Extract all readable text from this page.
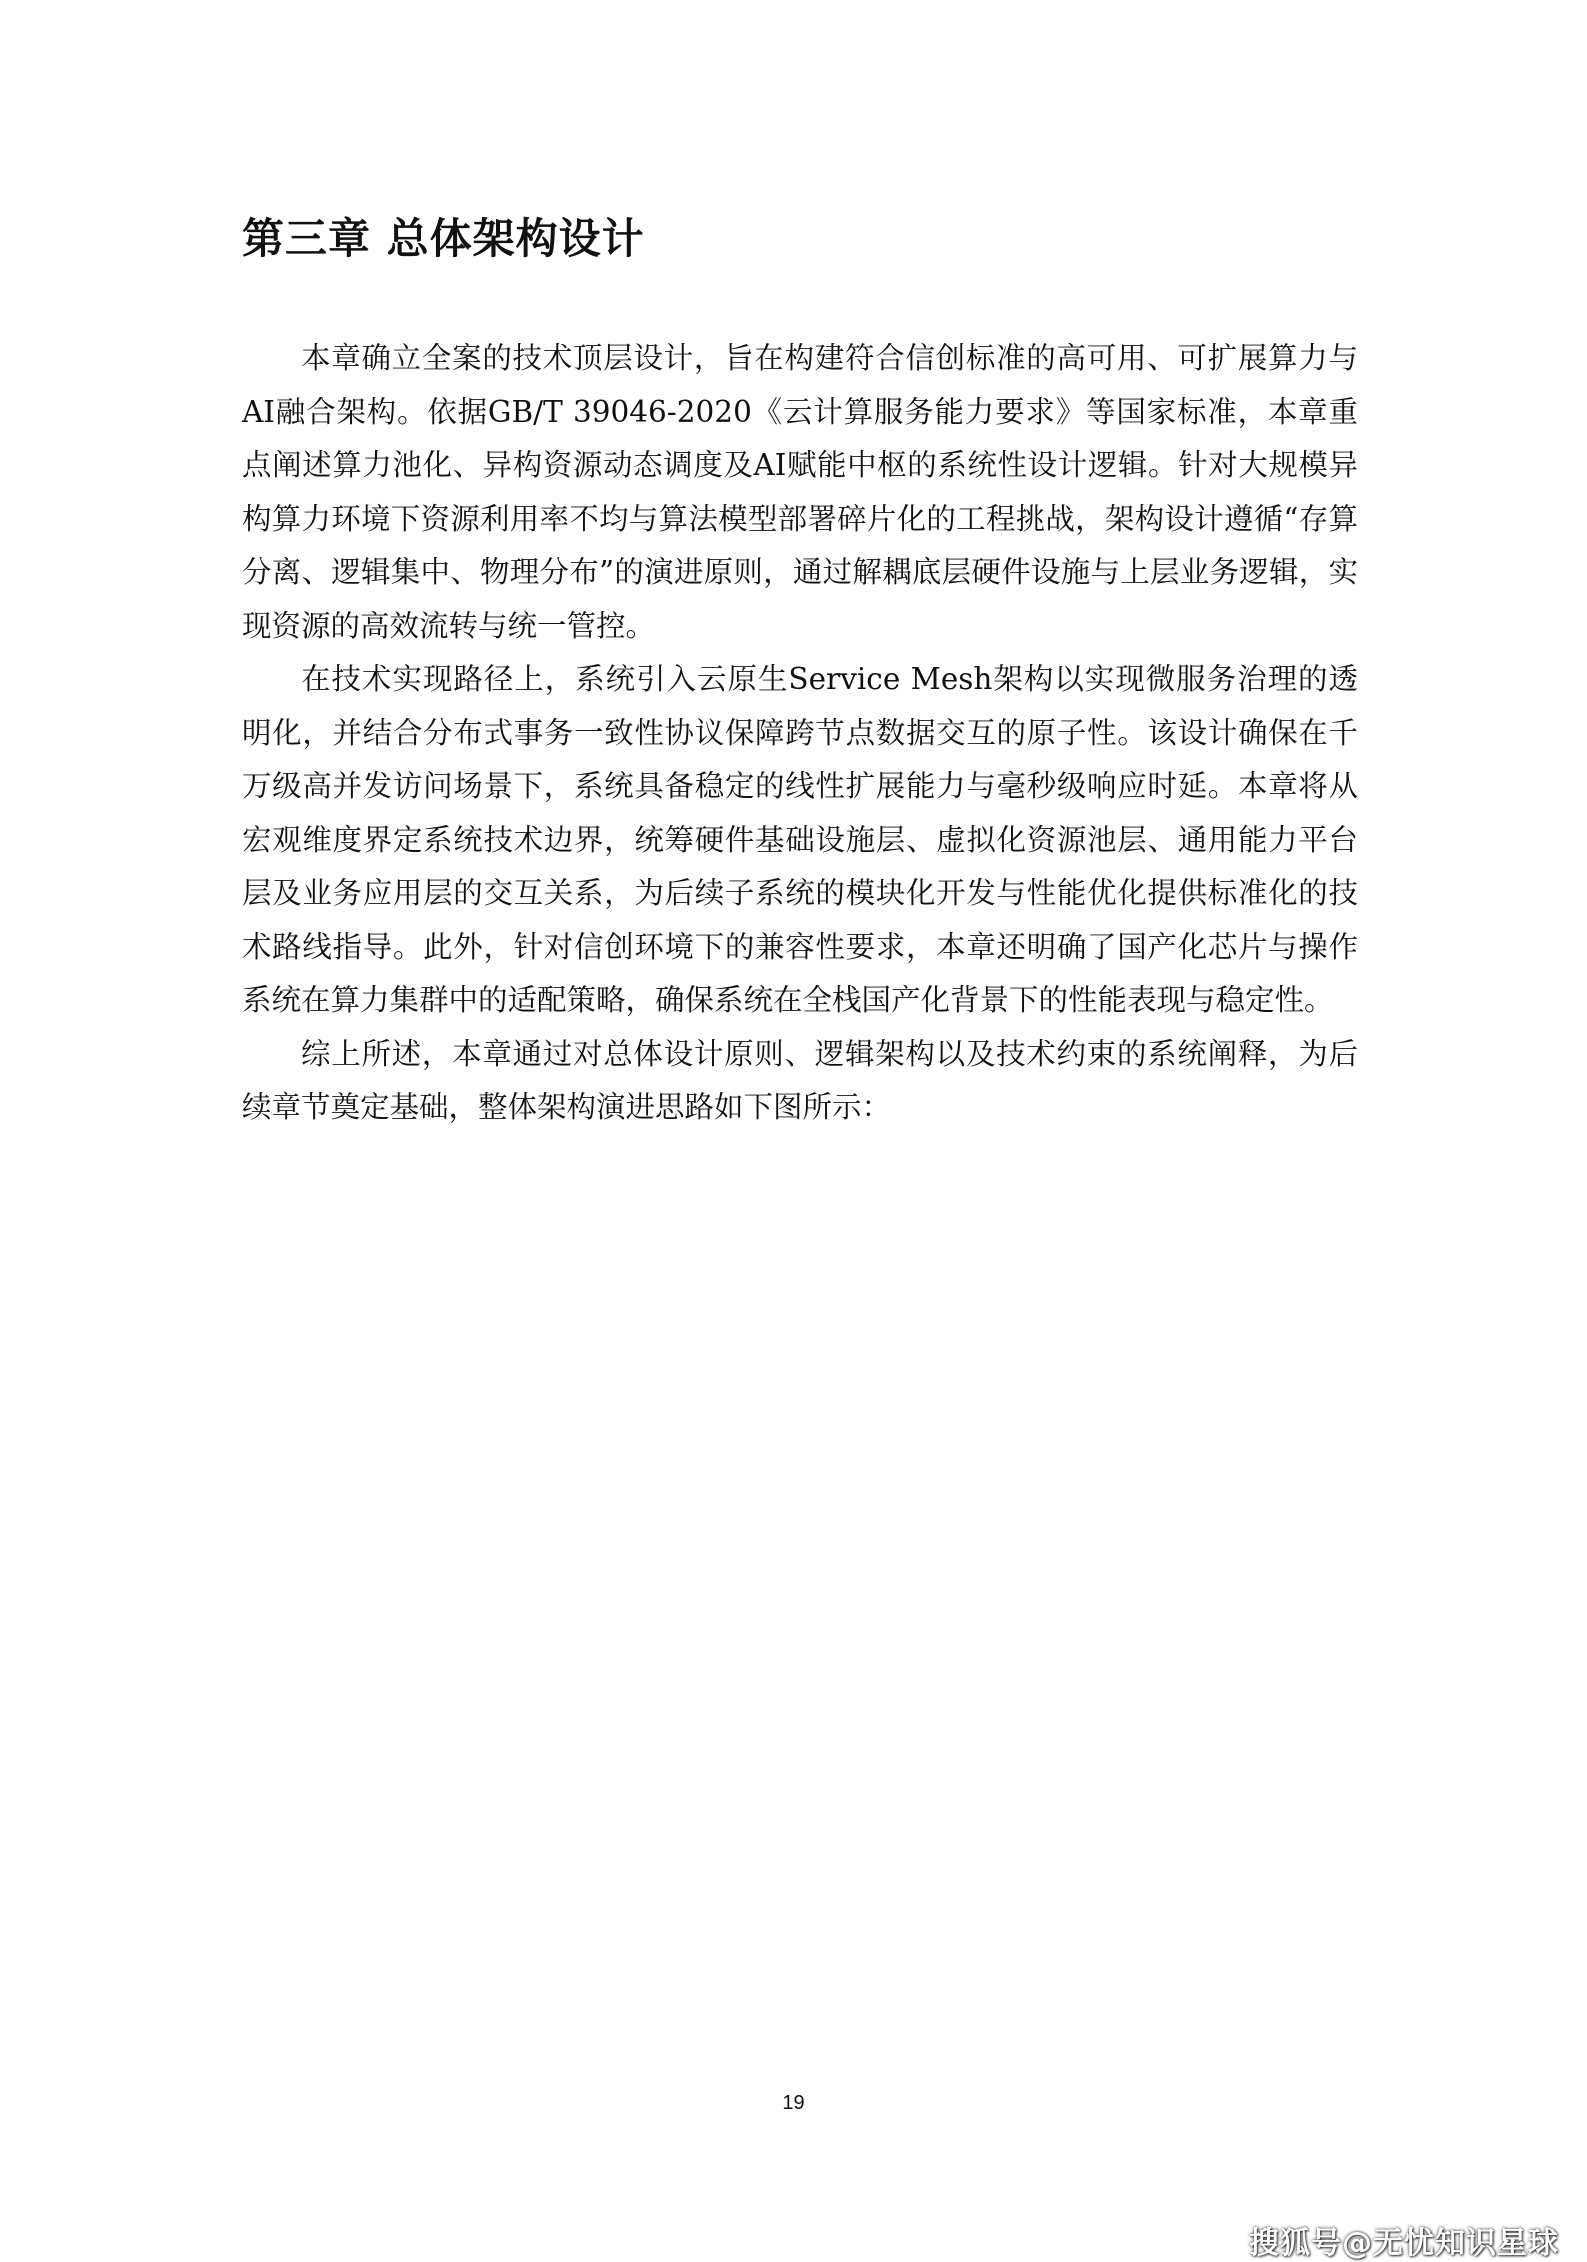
第三章 总体架构设计

本章确立全案的技术顶层设计，旨在构建符合信创标准的高可用、可扩展算力与AI融合架构。依据GB/T 39046-2020《云计算服务能力要求》等国家标准，本章重点阐述算力池化、异构资源动态调度及AI赋能中枢的系统性设计逻辑。针对大规模异构算力环境下资源利用率不均与算法模型部署碎片化的工程挑战，架构设计遵循“存算分离、逻辑集中、物理分布”的演进原则，通过解耦底层硬件设施与上层业务逻辑，实现资源的高效流转与统一管控。

在技术实现路径上，系统引入云原生Service Mesh架构以实现微服务治理的透明化，并结合分布式事务一致性协议保障跨节点数据交互的原子性。该设计确保在千万级高并发访问场景下，系统具备稳定的线性扩展能力与毫秒级响应时延。本章将从宏观维度界定系统技术边界，统筹硬件基础设施层、虚拟化资源池层、通用能力平台层及业务应用层的交互关系，为后续子系统的模块化开发与性能优化提供标准化的技术路线指导。此外，针对信创环境下的兼容性要求，本章还明确了国产化芯片与操作系统在算力集群中的适配策略，确保系统在全栈国产化背景下的性能表现与稳定性。

综上所述，本章通过对总体设计原则、逻辑架构以及技术约束的系统阐释，为后续章节奠定基础，整体架构演进思路如下图所示：

19
搜狐号@无忧知识星球
